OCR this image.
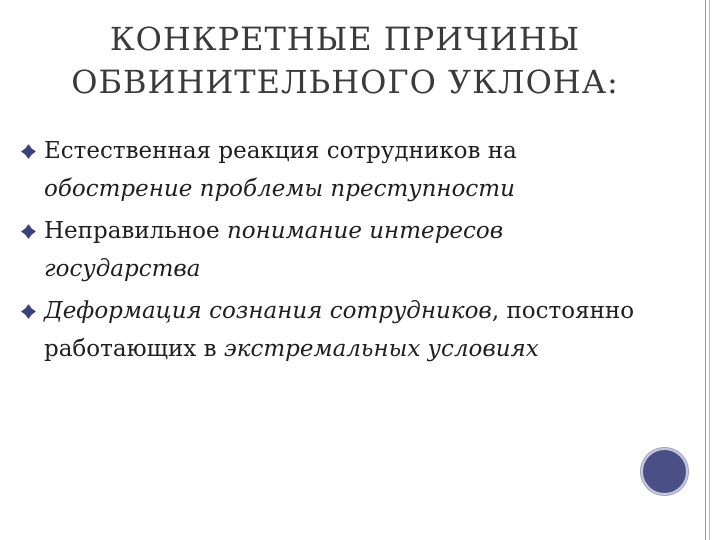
КОНКРЕТНЫЕ ПРИЧИНЫ
ОБВИНИТЕЛЬНОГО УКЛОНА:
Естественная реакция сотрудников на обострение проблемы преступности
Неправильное понимание интересов государства
Деформация сознания сотрудников, постоянно работающих в экстремальных условиях
